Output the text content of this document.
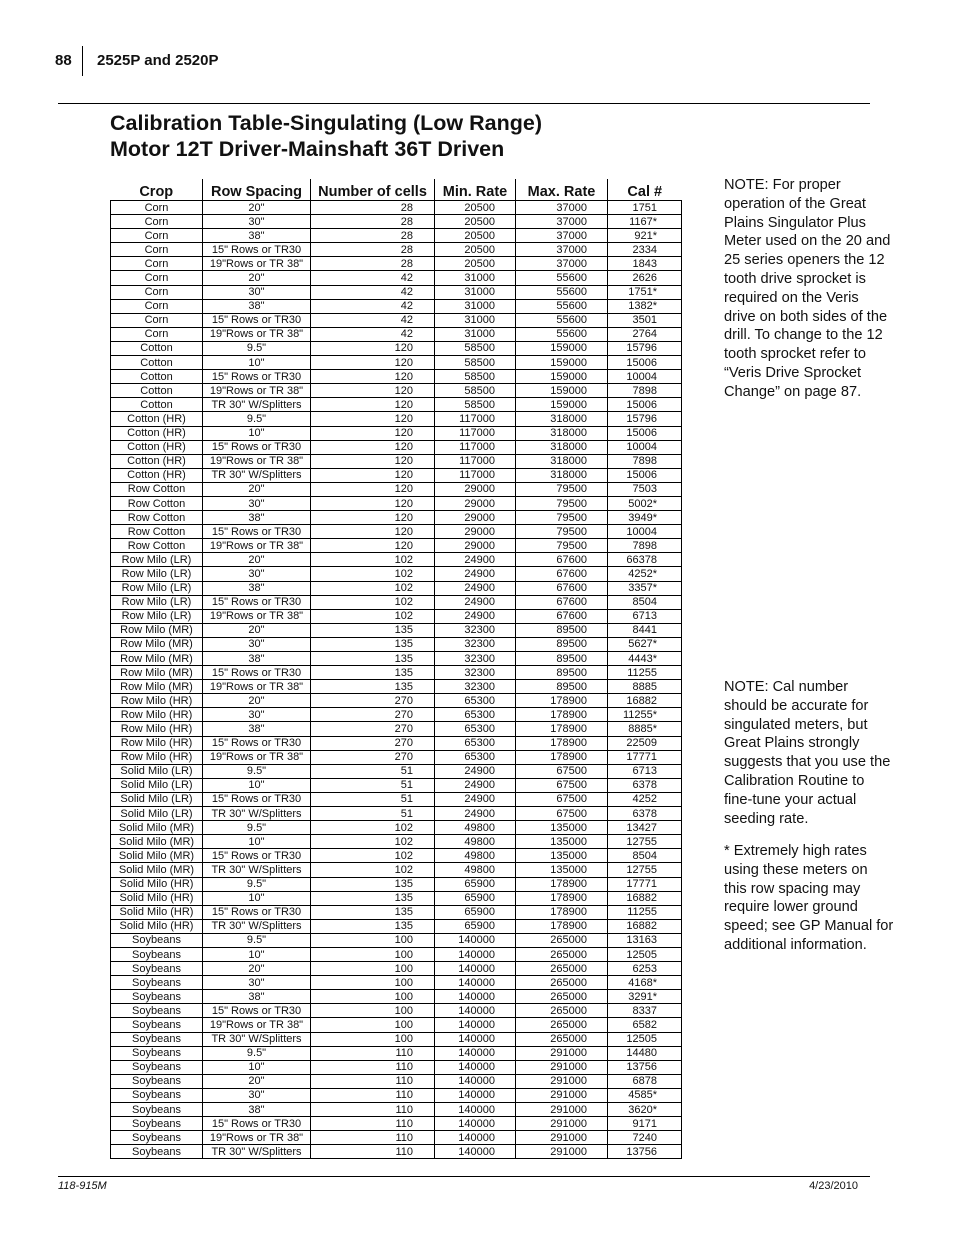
88 2525P and 2520P
Calibration Table-Singulating (Low Range)
Motor 12T Driver-Mainshaft 36T Driven
Crop	Row Spacing	Number of cells	Min. Rate	Max. Rate	Cal #
Corn	20"	28	20500	37000	1751
Corn	30"	28	20500	37000	1167*
Corn	38"	28	20500	37000	921*
Corn	15" Rows or TR30	28	20500	37000	2334
Corn	19"Rows or TR 38"	28	20500	37000	1843
Corn	20"	42	31000	55600	2626
Corn	30"	42	31000	55600	1751*
Corn	38"	42	31000	55600	1382*
Corn	15" Rows or TR30	42	31000	55600	3501
Corn	19"Rows or TR 38"	42	31000	55600	2764
Cotton	9.5"	120	58500	159000	15796
Cotton	10"	120	58500	159000	15006
Cotton	15" Rows or TR30	120	58500	159000	10004
Cotton	19"Rows or TR 38"	120	58500	159000	7898
Cotton	TR 30" W/Splitters	120	58500	159000	15006
Cotton (HR)	9.5"	120	117000	318000	15796
Cotton (HR)	10"	120	117000	318000	15006
Cotton (HR)	15" Rows or TR30	120	117000	318000	10004
Cotton (HR)	19"Rows or TR 38"	120	117000	318000	7898
Cotton (HR)	TR 30" W/Splitters	120	117000	318000	15006
Row Cotton	20"	120	29000	79500	7503
Row Cotton	30"	120	29000	79500	5002*
Row Cotton	38"	120	29000	79500	3949*
Row Cotton	15" Rows or TR30	120	29000	79500	10004
Row Cotton	19"Rows or TR 38"	120	29000	79500	7898
Row Milo (LR)	20"	102	24900	67600	66378
Row Milo (LR)	30"	102	24900	67600	4252*
Row Milo (LR)	38"	102	24900	67600	3357*
Row Milo (LR)	15" Rows or TR30	102	24900	67600	8504
Row Milo (LR)	19"Rows or TR 38"	102	24900	67600	6713
Row Milo (MR)	20"	135	32300	89500	8441
Row Milo (MR)	30"	135	32300	89500	5627*
Row Milo (MR)	38"	135	32300	89500	4443*
Row Milo (MR)	15" Rows or TR30	135	32300	89500	11255
Row Milo (MR)	19"Rows or TR 38"	135	32300	89500	8885
Row Milo (HR)	20"	270	65300	178900	16882
Row Milo (HR)	30"	270	65300	178900	11255*
Row Milo (HR)	38"	270	65300	178900	8885*
Row Milo (HR)	15" Rows or TR30	270	65300	178900	22509
Row Milo (HR)	19"Rows or TR 38"	270	65300	178900	17771
Solid Milo (LR)	9.5"	51	24900	67500	6713
Solid Milo (LR)	10"	51	24900	67500	6378
Solid Milo (LR)	15" Rows or TR30	51	24900	67500	4252
Solid Milo (LR)	TR 30" W/Splitters	51	24900	67500	6378
Solid Milo (MR)	9.5"	102	49800	135000	13427
Solid Milo (MR)	10"	102	49800	135000	12755
Solid Milo (MR)	15" Rows or TR30	102	49800	135000	8504
Solid Milo (MR)	TR 30" W/Splitters	102	49800	135000	12755
Solid Milo (HR)	9.5"	135	65900	178900	17771
Solid Milo (HR)	10"	135	65900	178900	16882
Solid Milo (HR)	15" Rows or TR30	135	65900	178900	11255
Solid Milo (HR)	TR 30" W/Splitters	135	65900	178900	16882
Soybeans	9.5"	100	140000	265000	13163
Soybeans	10"	100	140000	265000	12505
Soybeans	20"	100	140000	265000	6253
Soybeans	30"	100	140000	265000	4168*
Soybeans	38"	100	140000	265000	3291*
Soybeans	15" Rows or TR30	100	140000	265000	8337
Soybeans	19"Rows or TR 38"	100	140000	265000	6582
Soybeans	TR 30" W/Splitters	100	140000	265000	12505
Soybeans	9.5"	110	140000	291000	14480
Soybeans	10"	110	140000	291000	13756
Soybeans	20"	110	140000	291000	6878
Soybeans	30"	110	140000	291000	4585*
Soybeans	38"	110	140000	291000	3620*
Soybeans	15" Rows or TR30	110	140000	291000	9171
Soybeans	19"Rows or TR 38"	110	140000	291000	7240
Soybeans	TR 30" W/Splitters	110	140000	291000	13756
NOTE: For proper operation of the Great Plains Singulator Plus Meter used on the 20 and 25 series openers the 12 tooth drive sprocket is required on the Veris drive on both sides of the drill. To change to the 12 tooth sprocket refer to “Veris Drive Sprocket Change” on page 87.
NOTE: Cal number should be accurate for singulated meters, but Great Plains strongly suggests that you use the Calibration Routine to fine-tune your actual seeding rate.
* Extremely high rates using these meters on this row spacing may require lower ground speed; see GP Manual for additional information.
118-915M	4/23/2010
